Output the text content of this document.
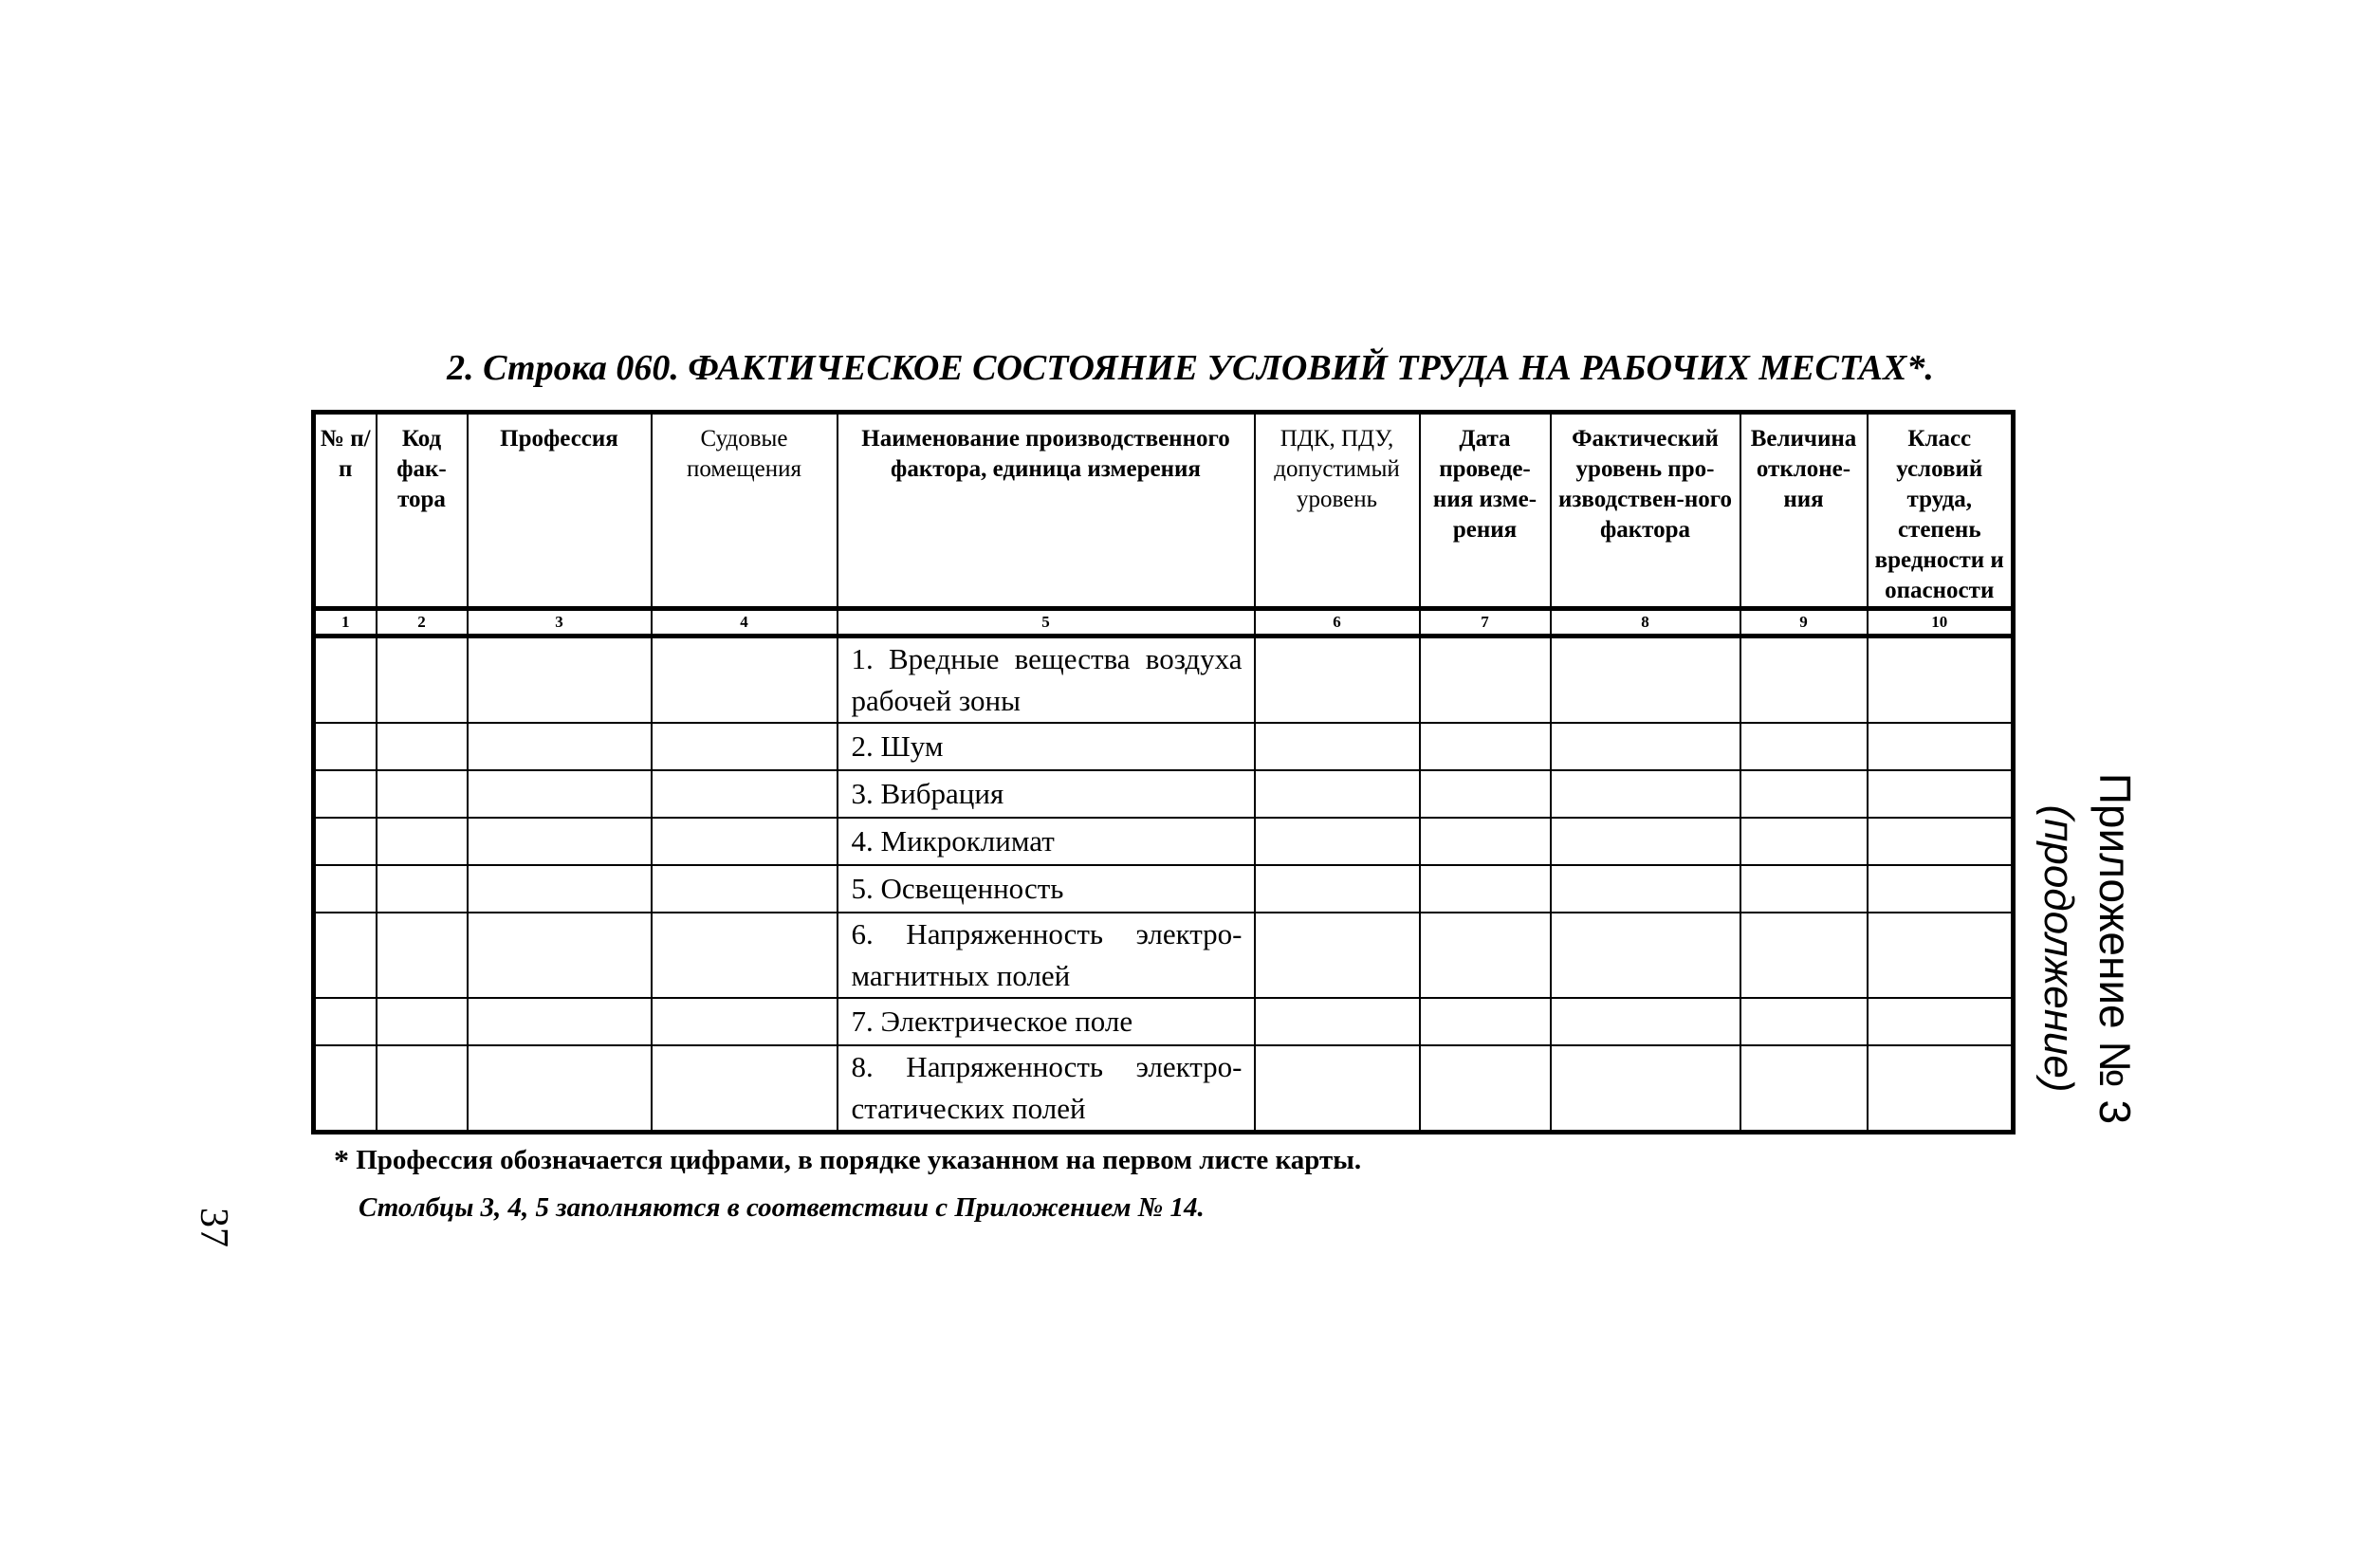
2. Строка 060. ФАКТИЧЕСКОЕ СОСТОЯНИЕ УСЛОВИЙ ТРУДА НА РАБОЧИХ МЕСТАХ*.
№ п/п	Код фак-тора	Профессия	Судовые помещения	Наименование производственного фактора, единица измерения	ПДК, ПДУ, допустимый уровень	Дата проведе-ния изме-рения	Фактический уровень про-изводствен-ного фактора	Величина отклоне-ния	Класс условий труда, степень вредности и опасности
1	2	3	4	5	6	7	8	9	10
				1. Вредные вещества воздуха рабочей зоны					
				2. Шум					
				3. Вибрация					
				4. Микроклимат					
				5. Освещенность					
				6. Напряженность электро-магнитных полей					
				7. Электрическое поле					
				8. Напряженность электро-статических полей					
* Профессия обозначается цифрами, в порядке указанном на первом листе карты.
Столбцы 3, 4, 5 заполняются в соответствии с Приложением № 14.
Приложение № 3
(продолжение)
37
